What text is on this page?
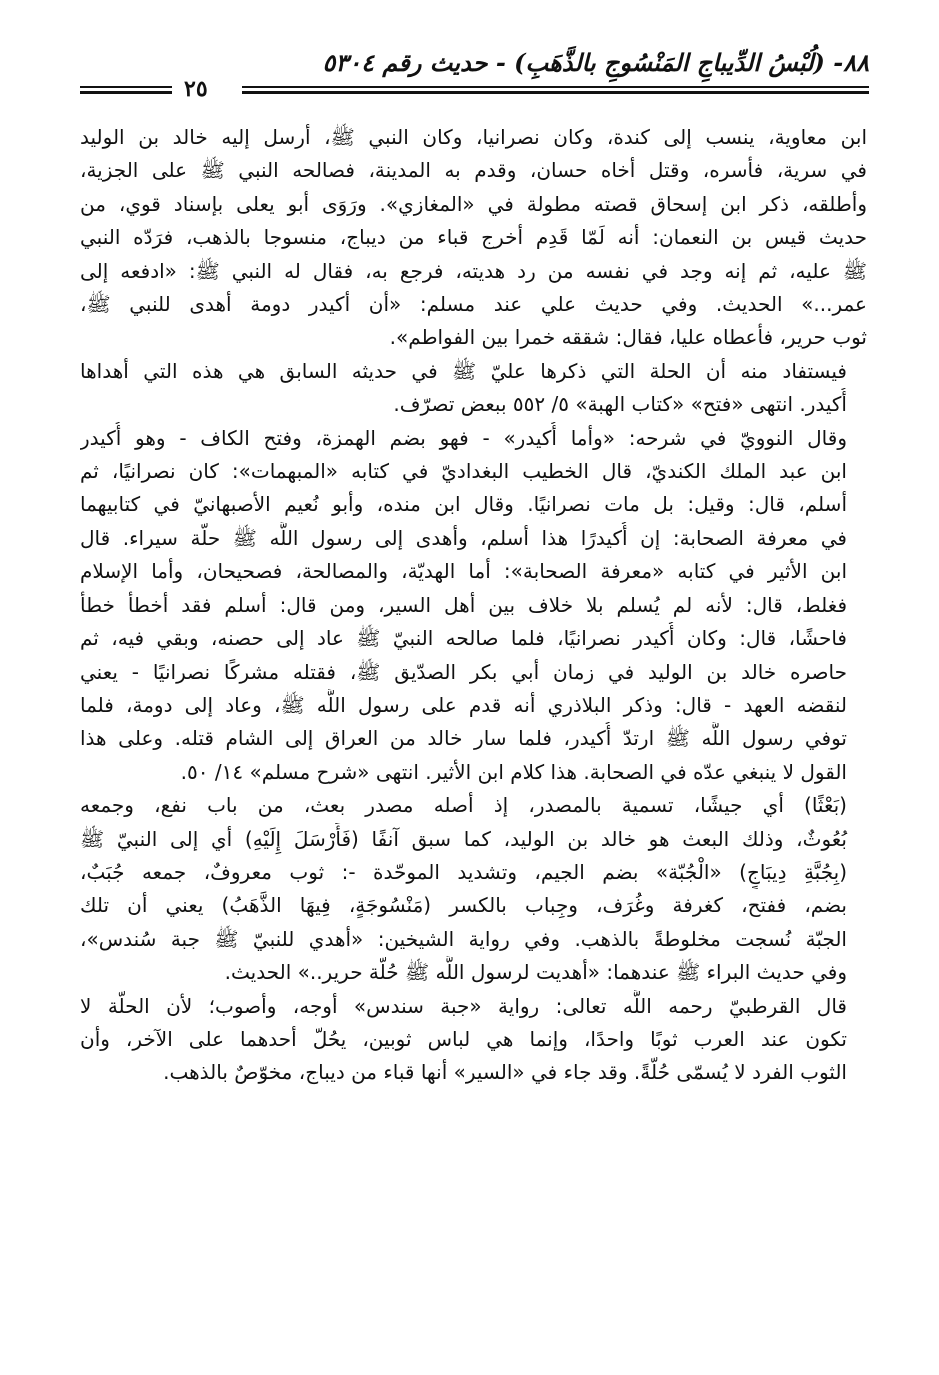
٨٨- (لُبْسُ الدِّيباجِ المَنْسُوجِ بالذَّهَبِ) - حديث رقم ٥٣٠٤
٢٥
ابن معاوية، ينسب إلى كندة، وكان نصرانيا، وكان النبي ﷺ، أرسل إليه خالد بن الوليد
في سرية، فأسره، وقتل أخاه حسان، وقدم به المدينة، فصالحه النبي ﷺ على الجزية،
وأطلقه، ذكر ابن إسحاق قصته مطولة في «المغازي». ورَوَى أبو يعلى بإسناد قوي، من
حديث قيس بن النعمان: أنه لَمّا قَدِم أخرج قباء من ديباج، منسوجا بالذهب، فرَدّه النبي
ﷺ عليه، ثم إنه وجد في نفسه من رد هديته، فرجع به، فقال له النبي ﷺ: «ادفعه إلى
عمر...» الحديث. وفي حديث علي عند مسلم: «أن أكيدر دومة أهدى للنبي ﷺ،
ثوب حرير، فأعطاه عليا، فقال: شققه خمرا بين الفواطم».
فيستفاد منه أن الحلة التي ذكرها عليّ ﷺ في حديثه السابق هي هذه التي أهداها
أُكيدر. انتهى «فتح» «كتاب الهبة» ٥/ ٥٥٢ ببعض تصرّف.
وقال النوويّ في شرحه: «وأما أُكيدر» - فهو بضم الهمزة، وفتح الكاف - وهو أُكيدر
ابن عبد الملك الكنديّ، قال الخطيب البغداديّ في كتابه «المبهمات»: كان نصرانيًا، ثم
أسلم، قال: وقيل: بل مات نصرانيًا. وقال ابن منده، وأبو نُعيم الأصبهانيّ في كتابيهما
في معرفة الصحابة: إن أُكيدرًا هذا أسلم، وأهدى إلى رسول اللَّه ﷺ حلّة سيراء. قال
ابن الأثير في كتابه «معرفة الصحابة»: أما الهديّة، والمصالحة، فصحيحان، وأما الإسلام
فغلط، قال: لأنه لم يُسلم بلا خلاف بين أهل السير، ومن قال: أسلم فقد أخطأ خطأ
فاحشًا، قال: وكان أُكيدر نصرانيًا، فلما صالحه النبيّ ﷺ عاد إلى حصنه، وبقي فيه، ثم
حاصره خالد بن الوليد في زمان أبي بكر الصدّيق ﷺ، فقتله مشركًا نصرانيًا - يعني
لنقضه العهد - قال: وذكر البلاذري أنه قدم على رسول اللَّه ﷺ، وعاد إلى دومة، فلما
توفي رسول اللَّه ﷺ ارتدّ أُكيدر، فلما سار خالد من العراق إلى الشام قتله. وعلى هذا
القول لا ينبغي عدّه في الصحابة. هذا كلام ابن الأثير. انتهى «شرح مسلم» ١٤/ ٥٠.
(بَعْثًا) أي جيشًا، تسمية بالمصدر، إذ أصله مصدر بعث، من باب نفع، وجمعه
بُعُوثٌ، وذلك البعث هو خالد بن الوليد، كما سبق آنفًا (فَأَرْسَلَ إِلَيْهِ) أي إلى النبيّ ﷺ
(بِجُبَّةِ دِيبَاجٍ) «الْجُبّة» بضم الجيم، وتشديد الموحّدة -: ثوب معروفٌ، جمعه جُبَبٌ،
بضم، ففتح، كغرفة وغُرَف، وجِباب بالكسر (مَنْسُوجَةٍ، فِيهَا الذَّهَبُ) يعني أن تلك
الجبّة نُسجت مخلوطةً بالذهب. وفي رواية الشيخين: «أهدي للنبيّ ﷺ جبة سُندس»،
وفي حديث البراء ﷺ عندهما: «أهديت لرسول اللَّه ﷺ حُلّة حرير..» الحديث.
قال القرطبيّ رحمه اللَّه تعالى: رواية «جبة سندس» أوجه، وأصوب؛ لأن الحلّة لا
تكون عند العرب ثوبًا واحدًا، وإنما هي لباس ثوبين، يحُلّ أحدهما على الآخر، وأن
الثوب الفرد لا يُسمّى حُلّةً. وقد جاء في «السير» أنها قباء من ديباج، مخوّصٌ بالذهب.
